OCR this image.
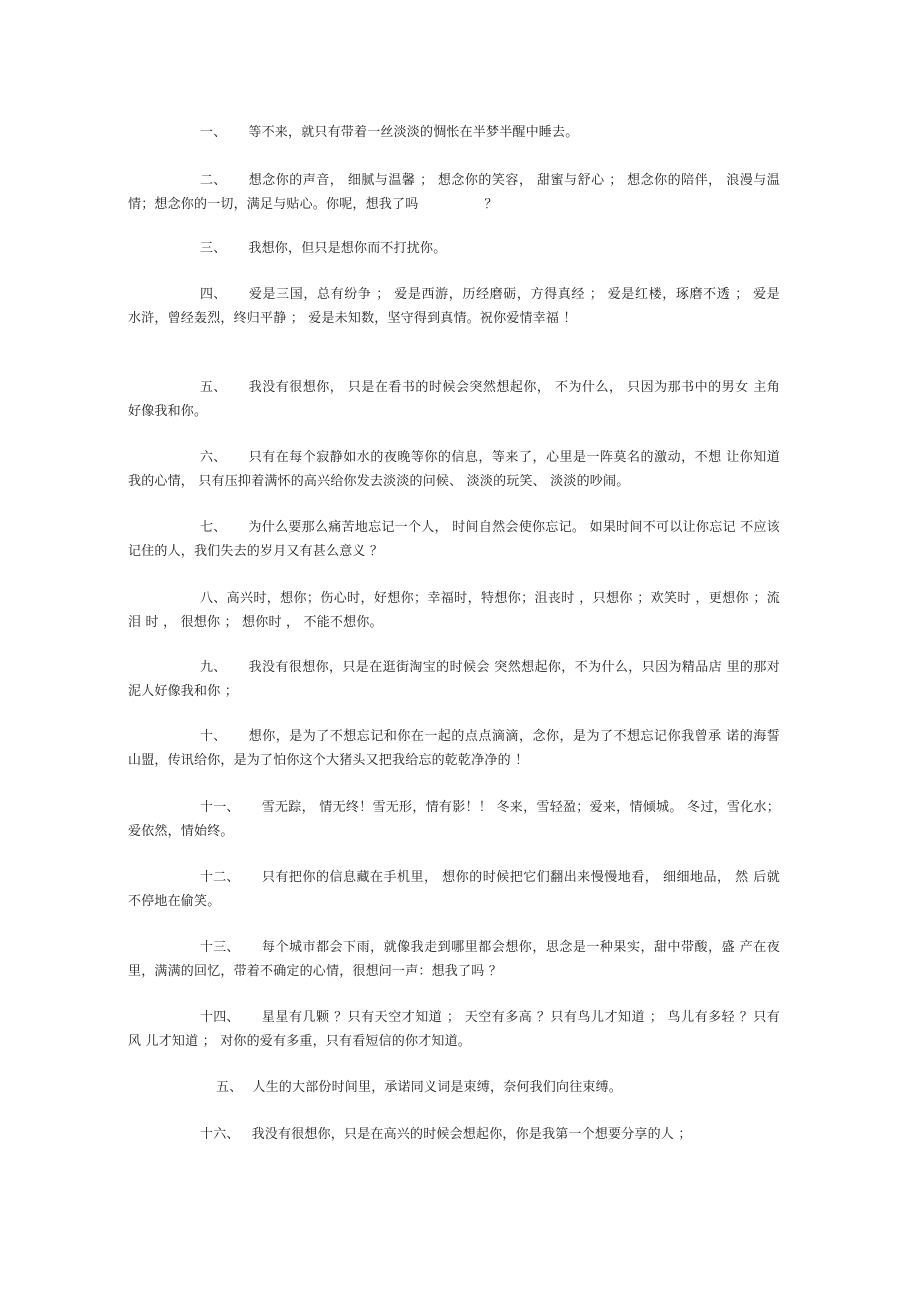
一、 等不来，就只有带着一丝淡淡的惆怅在半梦半醒中睡去。

二、 想念你的声音， 细腻与温馨 ； 想念你的笑容， 甜蜜与舒心 ； 想念你的陪伴， 浪漫与温 情；想念你的一切，满足与贴心。你呢，想我了吗　　　　　？

三、 我想你，但只是想你而不打扰你。

四、 爱是三国，总有纷争 ； 爱是西游，历经磨砺，方得真经 ； 爱是红楼，琢磨不透 ； 爱是 水浒，曾经轰烈，终归平静 ； 爱是未知数，坚守得到真情。祝你爱情幸福 ！

五、 我没有很想你， 只是在看书的时候会突然想起你， 不为什么， 只因为那书中的男女 主角好像我和你。

六、 只有在每个寂静如水的夜晚等你的信息，等来了，心里是一阵莫名的激动，不想 让你知道我的心情， 只有压抑着满怀的高兴给你发去淡淡的问候、 淡淡的玩笑、 淡淡的吵闹。

七、 为什么要那么痛苦地忘记一个人， 时间自然会使你忘记。 如果时间不可以让你忘记 不应该记住的人，我们失去的岁月又有甚么意义 ？

八、高兴时，想你；伤心时，好想你；幸福时，特想你；沮丧时 ，只想你 ；欢笑时 ，更想你 ；流泪 时 ， 很想你 ； 想你时 ， 不能不想你。

九、 我没有很想你，只是在逛街淘宝的时候会 突然想起你，不为什么，只因为精品店 里的那对泥人好像我和你 ；

十、 想你，是为了不想忘记和你在一起的点点滴滴，念你，是为了不想忘记你我曾承 诺的海誓山盟，传讯给你，是为了怕你这个大猪头又把我给忘的乾乾净净的 ！

十一、 雪无踪， 情无终！雪无形，情有影！！ 冬来，雪轻盈；爱来，情倾城。 冬过，雪化水； 爱依然，情始终。

十二、 只有把你的信息藏在手机里， 想你的时候把它们翻出来慢慢地看， 细细地品， 然 后就不停地在偷笑。

十三、 每个城市都会下雨，就像我走到哪里都会想你，思念是一种果实，甜中带酸，盛 产在夜里，满满的回忆，带着不确定的心情，很想问一声：想我了吗 ？

十四、 星星有几颗 ？只有天空才知道 ； 天空有多高 ？只有鸟儿才知道 ； 鸟儿有多轻 ？只有风 儿才知道 ； 对你的爱有多重，只有看短信的你才知道。

五、 人生的大部份时间里，承诺同义词是束缚，奈何我们向往束缚。

十六、 我没有很想你，只是在高兴的时候会想起你，你是我第一个想要分享的人 ；
